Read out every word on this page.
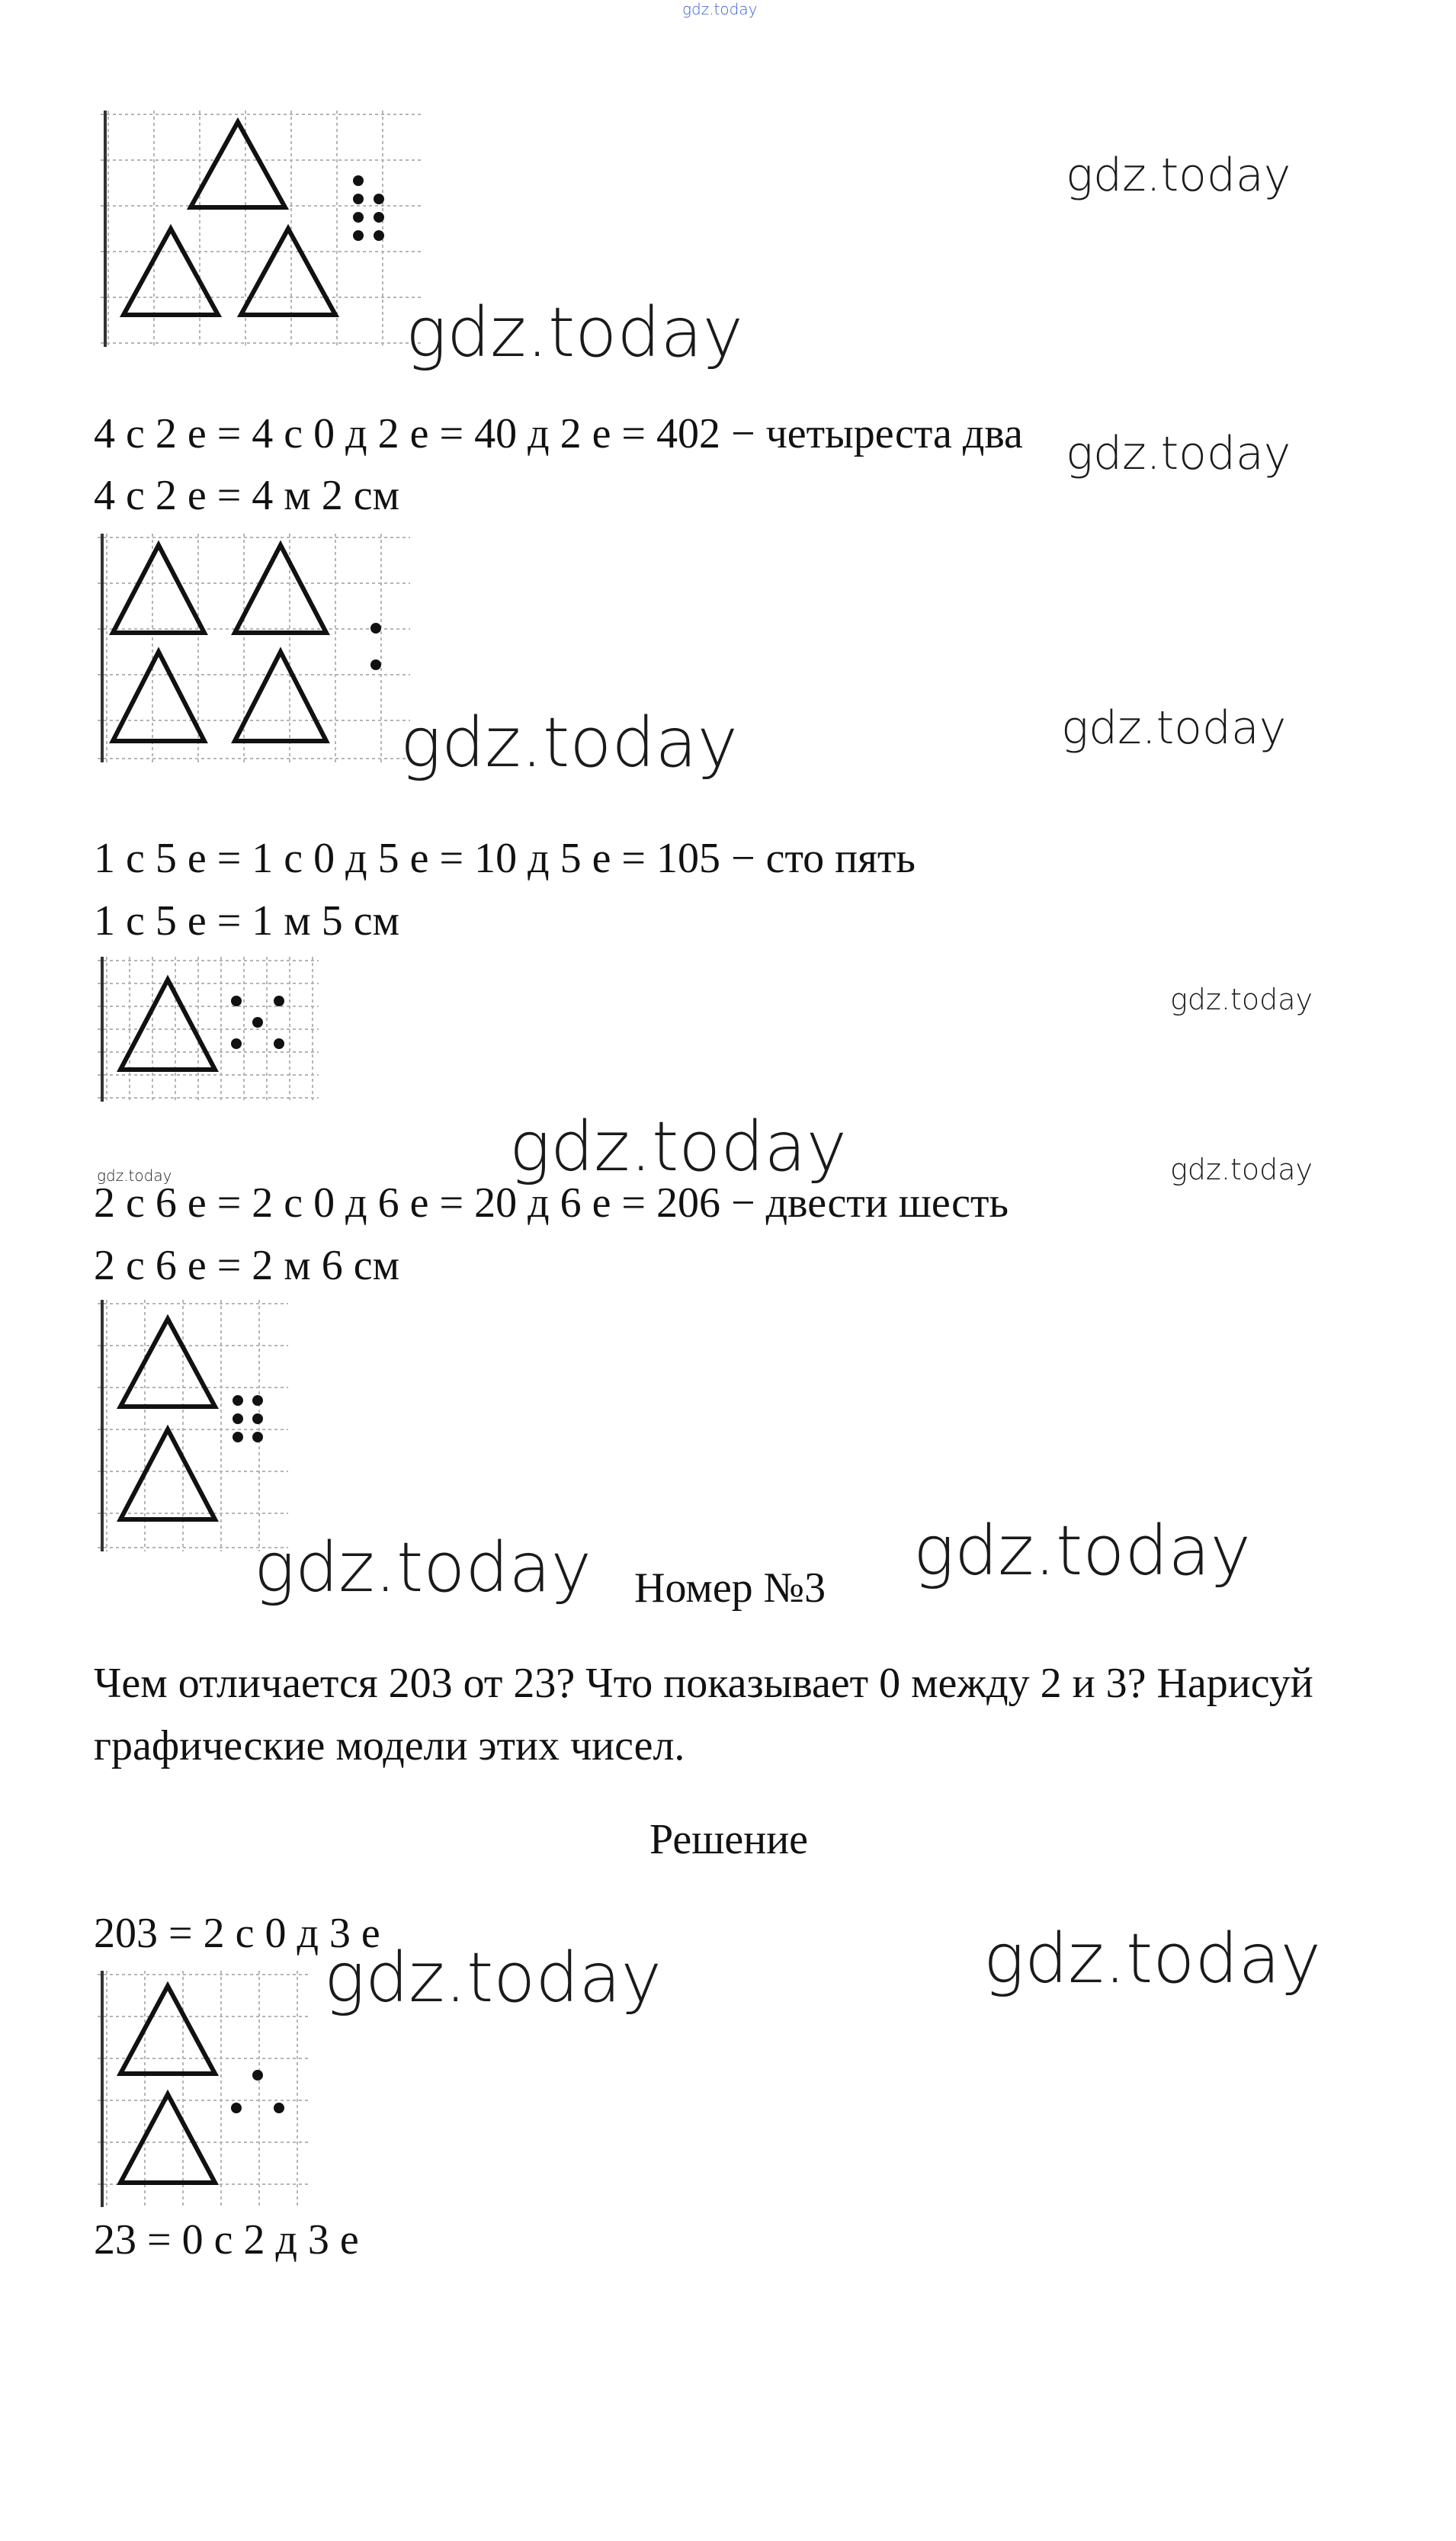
gdz.today
gdz.today
gdz.today
4 с 2 е = 4 с 0 д 2 е = 40 д 2 е = 402 − четыреста два gdz.today
4 с 2 е = 4 м 2 см
gdz.today
gdz.today
1 с 5 е = 1 с 0 д 5 е = 10 д 5 е = 105 − сто пять
1 с 5 е = 1 м 5 см
gdz.today
gdz.today	gdz.today
gdz.today
2 с 6 е = 2 с 0 д 6 е = 20 д 6 е = 206 − двести шесть
2 с 6 е = 2 м 6 см
gdz.today
gdz.today Номер №3
Чем отличается 203 от 23? Что показывает 0 между 2 и 3? Нарисуй
графические модели этих чисел.
Решение
203 = 2 с 0 д 3 е	gdz.today
gdz.today
23 = 0 с 2 д 3 е
